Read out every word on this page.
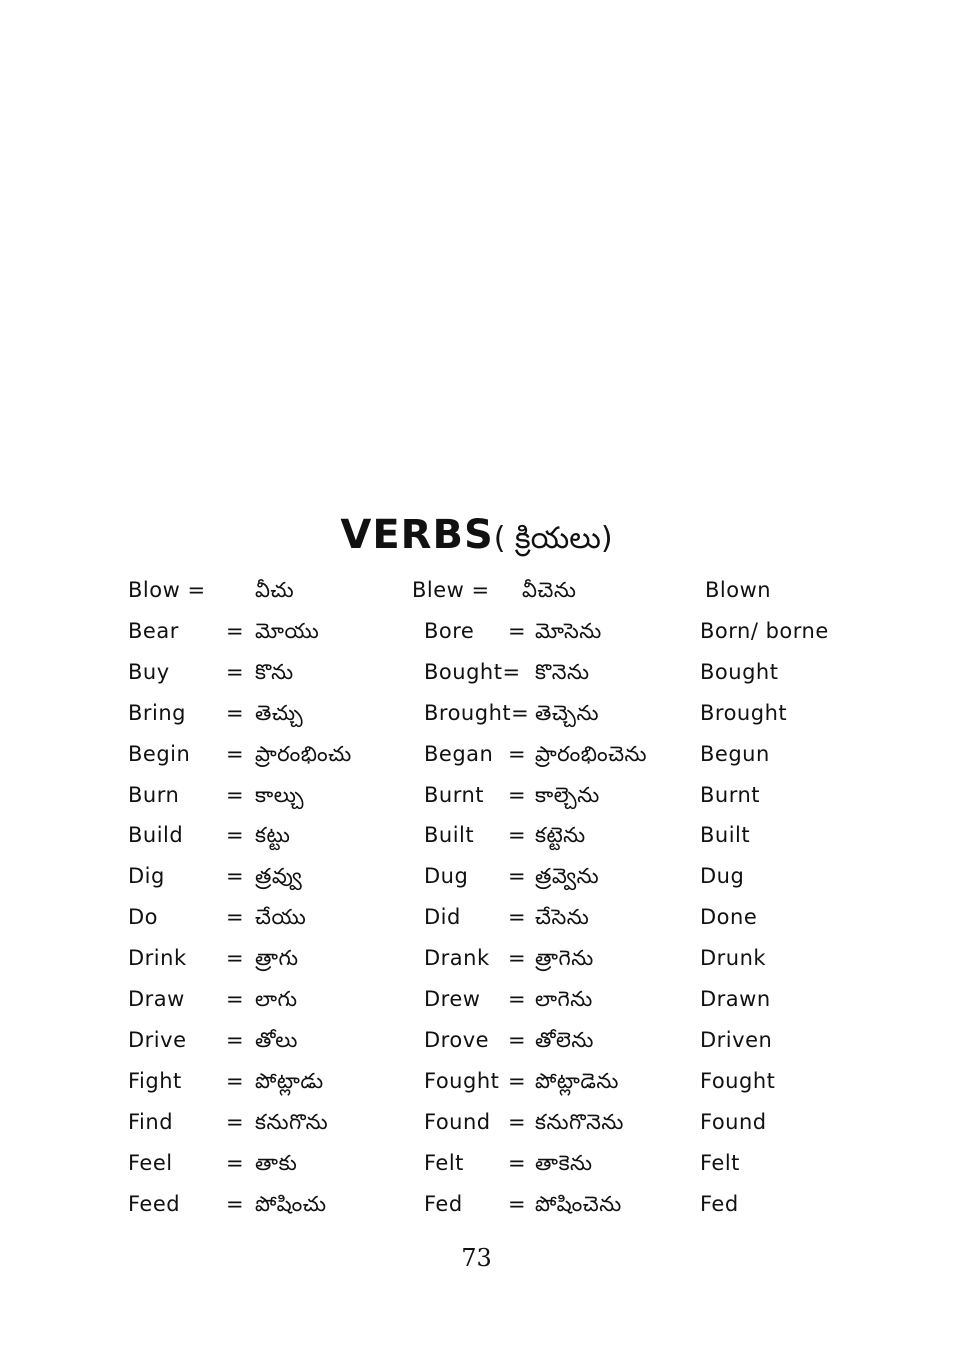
VERBS( క్రియలు)
Blow = వీచు	Blew = వీచెను	Blown
Bear = మోయు	Bore = మోసెను	Born/ borne
Buy	= కొను	Bought= కొనెను	Bought
Bring = తెచ్చు	Brought= తెచ్చెను	Brought
Begin = ప్రారంభించు	Began = ప్రారంభించెను	Begun
Burn = కాల్చు	Burnt = కాల్చెను	Burnt
Build = కట్టు	Built = కట్టెను	Built
Dig	= త్రవ్వు	Dug = త్రవ్వెను	Dug
Do	= చేయు	Did = చేసెను	Done
Drink = త్రాగు	Drank = త్రాగెను	Drunk
Draw = లాగు	Drew = లాగెను	Drawn
Drive = తోలు	Drove = తోలెను	Driven
Fight = పోట్లాడు	Fought = పోట్లాడెను	Fought
Find	= కనుగొను	Found = కనుగొనెను	Found
Feel	= తాకు	Felt = తాకెను	Felt
Feed = పోషించు	Fed = పోషించెను	Fed
73
